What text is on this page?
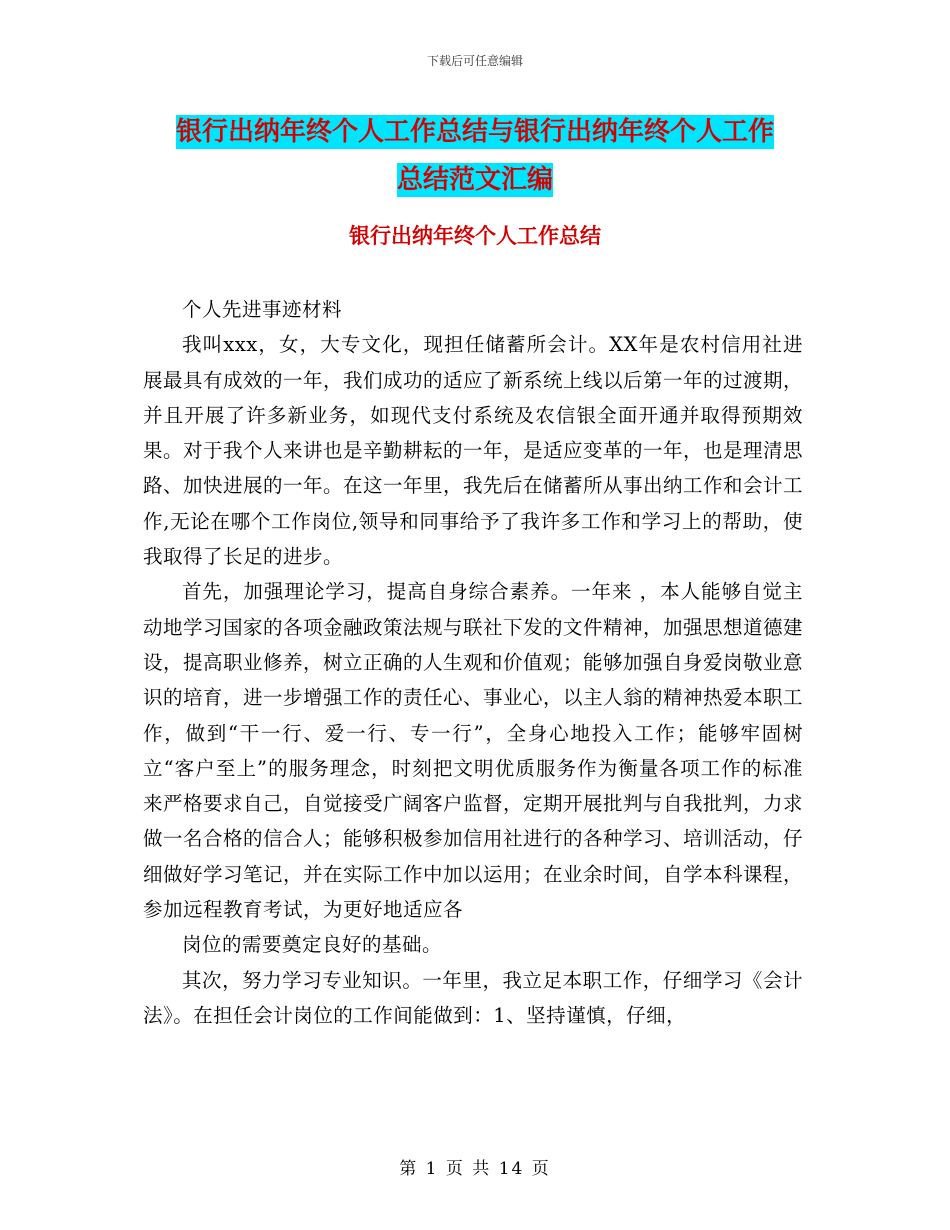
下载后可任意编辑
银行出纳年终个人工作总结与银行出纳年终个人工作
总结范文汇编
银行出纳年终个人工作总结

个人先进事迹材料

我叫xxx，女，大专文化，现担任储蓄所会计。XX年是农村信用社进展最具有成效的一年，我们成功的适应了新系统上线以后第一年的过渡期，并且开展了许多新业务，如现代支付系统及农信银全面开通并取得预期效果。对于我个人来讲也是辛勤耕耘的一年，是适应变革的一年，也是理清思路、加快进展的一年。在这一年里，我先后在储蓄所从事出纳工作和会计工作,无论在哪个工作岗位,领导和同事给予了我许多工作和学习上的帮助，使我取得了长足的进步。

首先，加强理论学习，提高自身综合素养。一年来 ，本人能够自觉主动地学习国家的各项金融政策法规与联社下发的文件精神，加强思想道德建设，提高职业修养，树立正确的人生观和价值观；能够加强自身爱岗敬业意识的培育，进一步增强工作的责任心、事业心，以主人翁的精神热爱本职工作，做到“干一行、爱一行、专一行”，全身心地投入工作；能够牢固树立“客户至上”的服务理念，时刻把文明优质服务作为衡量各项工作的标准来严格要求自己，自觉接受广阔客户监督，定期开展批判与自我批判，力求做一名合格的信合人；能够积极参加信用社进行的各种学习、培训活动，仔细做好学习笔记，并在实际工作中加以运用；在业余时间，自学本科课程，参加远程教育考试，为更好地适应各

岗位的需要奠定良好的基础。

其次，努力学习专业知识。一年里，我立足本职工作，仔细学习《会计法》。在担任会计岗位的工作间能做到：1、坚持谨慎，仔细，

第 1 页 共 14 页
